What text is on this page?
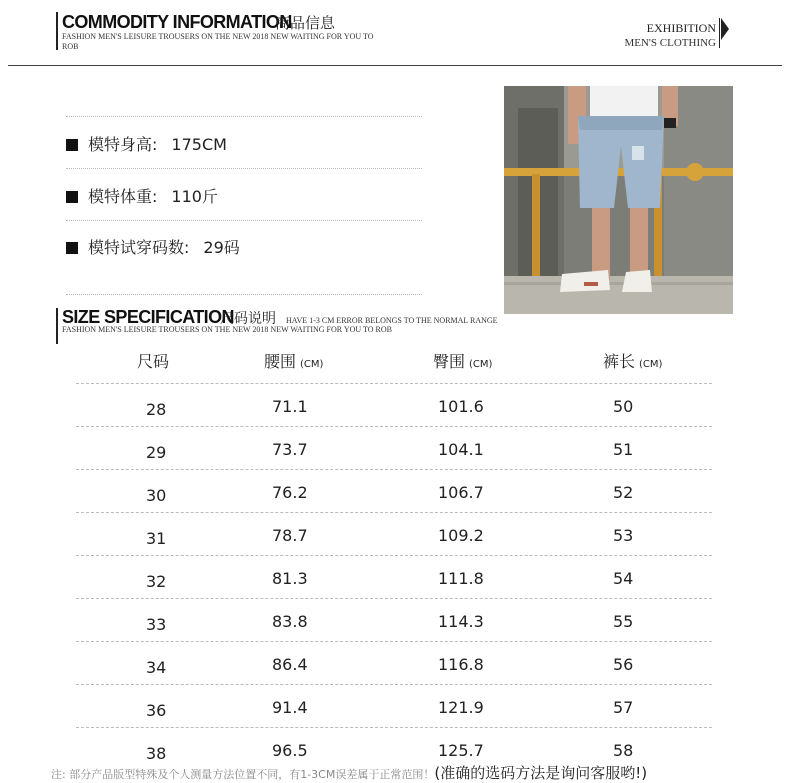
COMMODITY INFORMATION
商品信息
FASHION MEN'S LEISURE TROUSERS ON THE NEW 2018 NEW WAITING FOR YOU TO ROB
EXHIBITION
MEN'S CLOTHING
模特身高: 175CM
模特体重: 110斤
模特试穿码数: 29码
SIZE SPECIFICATION
尺码说明 HAVE 1-3 CM ERROR BELONGS TO THE NORMAL RANGE
FASHION MEN'S LEISURE TROUSERS ON THE NEW 2018 NEW WAITING FOR YOU TO ROB
尺码	腰围 (CM)	臀围 (CM)	裤长 (CM)
28	71.1	101.6	50
29	73.7	104.1	51
30	76.2	106.7	52
31	78.7	109.2	53
32	81.3	111.8	54
33	83.8	114.3	55
34	86.4	116.8	56
36	91.4	121.9	57
38	96.5	125.7	58
注: 部分产品版型特殊及个人测量方法位置不同，有1-3CM误差属于正常范围！(准确的选码方法是询问客服哟!)
